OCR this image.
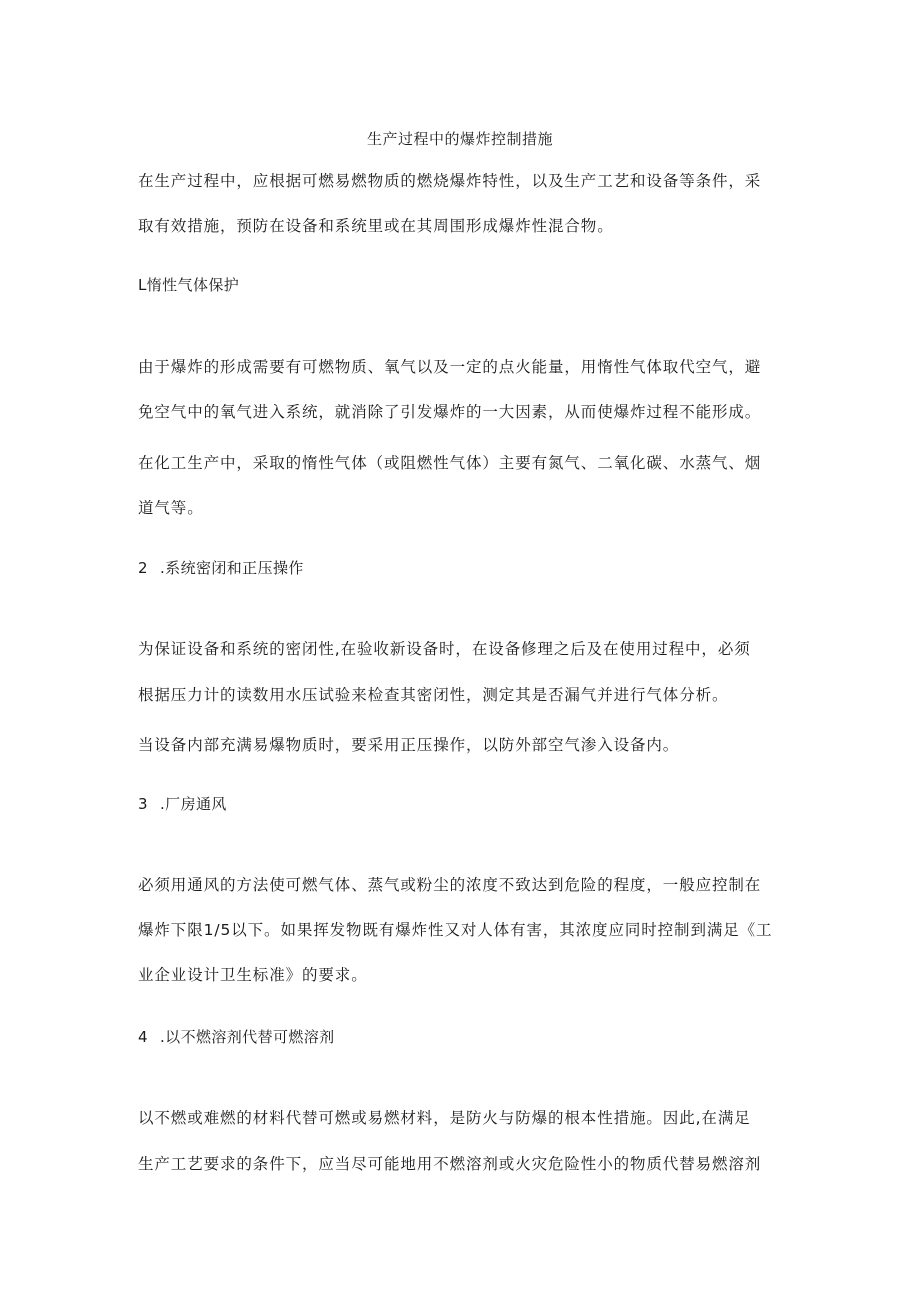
生产过程中的爆炸控制措施
在生产过程中，应根据可燃易燃物质的燃烧爆炸特性，以及生产工艺和设备等条件，采
取有效措施，预防在设备和系统里或在其周围形成爆炸性混合物。
L惰性气体保护
由于爆炸的形成需要有可燃物质、氧气以及一定的点火能量，用惰性气体取代空气，避
免空气中的氧气进入系统，就消除了引发爆炸的一大因素，从而使爆炸过程不能形成。
在化工生产中，采取的惰性气体（或阻燃性气体）主要有氮气、二氧化碳、水蒸气、烟
道气等。
2 .系统密闭和正压操作
为保证设备和系统的密闭性,在验收新设备时，在设备修理之后及在使用过程中，必须
根据压力计的读数用水压试验来检查其密闭性，测定其是否漏气并进行气体分析。
当设备内部充满易爆物质时，要采用正压操作，以防外部空气渗入设备内。
3 .厂房通风
必须用通风的方法使可燃气体、蒸气或粉尘的浓度不致达到危险的程度，一般应控制在
爆炸下限1/5以下。如果挥发物既有爆炸性又对人体有害，其浓度应同时控制到满足《工
业企业设计卫生标准》的要求。
4 .以不燃溶剂代替可燃溶剂
以不燃或难燃的材料代替可燃或易燃材料，是防火与防爆的根本性措施。因此,在满足
生产工艺要求的条件下，应当尽可能地用不燃溶剂或火灾危险性小的物质代替易燃溶剂
